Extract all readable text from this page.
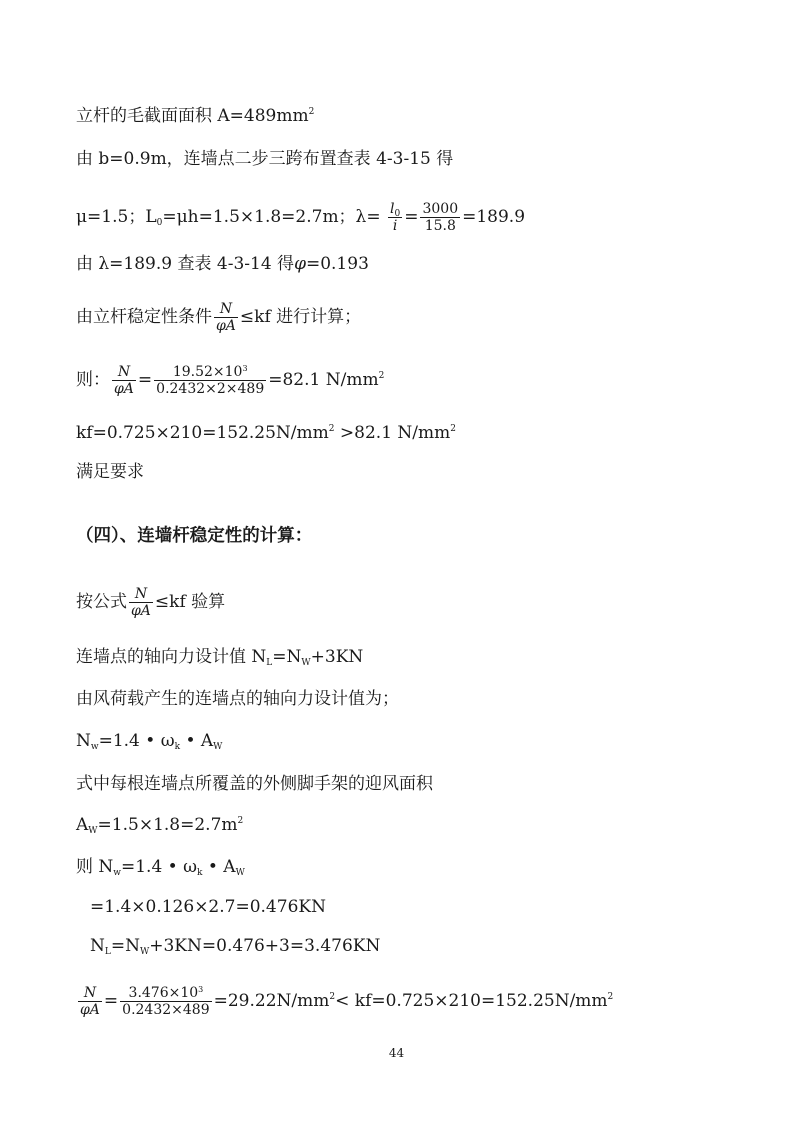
立杆的毛截面面积 $A=489mm^2$
由 b=0.9m，连墙点二步三跨布置查表 4-3-15 得
μ=1.5；$L_0=\mu h=1.5\times 1.8=2.7m$；$\lambda= \frac{l_0}{i} = \frac{3000}{15.8} =189.9$
由 λ=189.9 查表 4-3-14 得φ=0.193
由立杆稳定性条件 $\frac{N}{\varphi A} \le kf$ 进行计算；
则： $\frac{N}{\varphi A} = \frac{19.52\times 10^3}{0.2432\times 2\times 489} =82.1$ $N/mm^2$
$kf=0.725\times 210=152.25N/mm^2 >82.1$ $N/mm^2$
满足要求
（四）、连墙杆稳定性的计算：
按公式 $\frac{N}{\varphi A} \le kf$ 验算
连墙点的轴向力设计值 $N_L=N_W+3KN$
由风荷载产生的连墙点的轴向力设计值为；
$N_w=1.4$ • $\omega_k$ • $A_W$
式中每根连墙点所覆盖的外侧脚手架的迎风面积
$A_W=1.5\times 1.8=2.7m^2$
则 $N_w=1.4$ • $\omega_k$ • $A_W$
=1.4×0.126×2.7=0.476KN
$N_L=N_W+3KN=0.476+3=3.476KN$
$\frac{N}{\varphi A} = \frac{3.476\times 10^3}{0.2432\times 489} =29.22N/mm^2< kf=0.725\times 210=152.25N/mm^2$
44
